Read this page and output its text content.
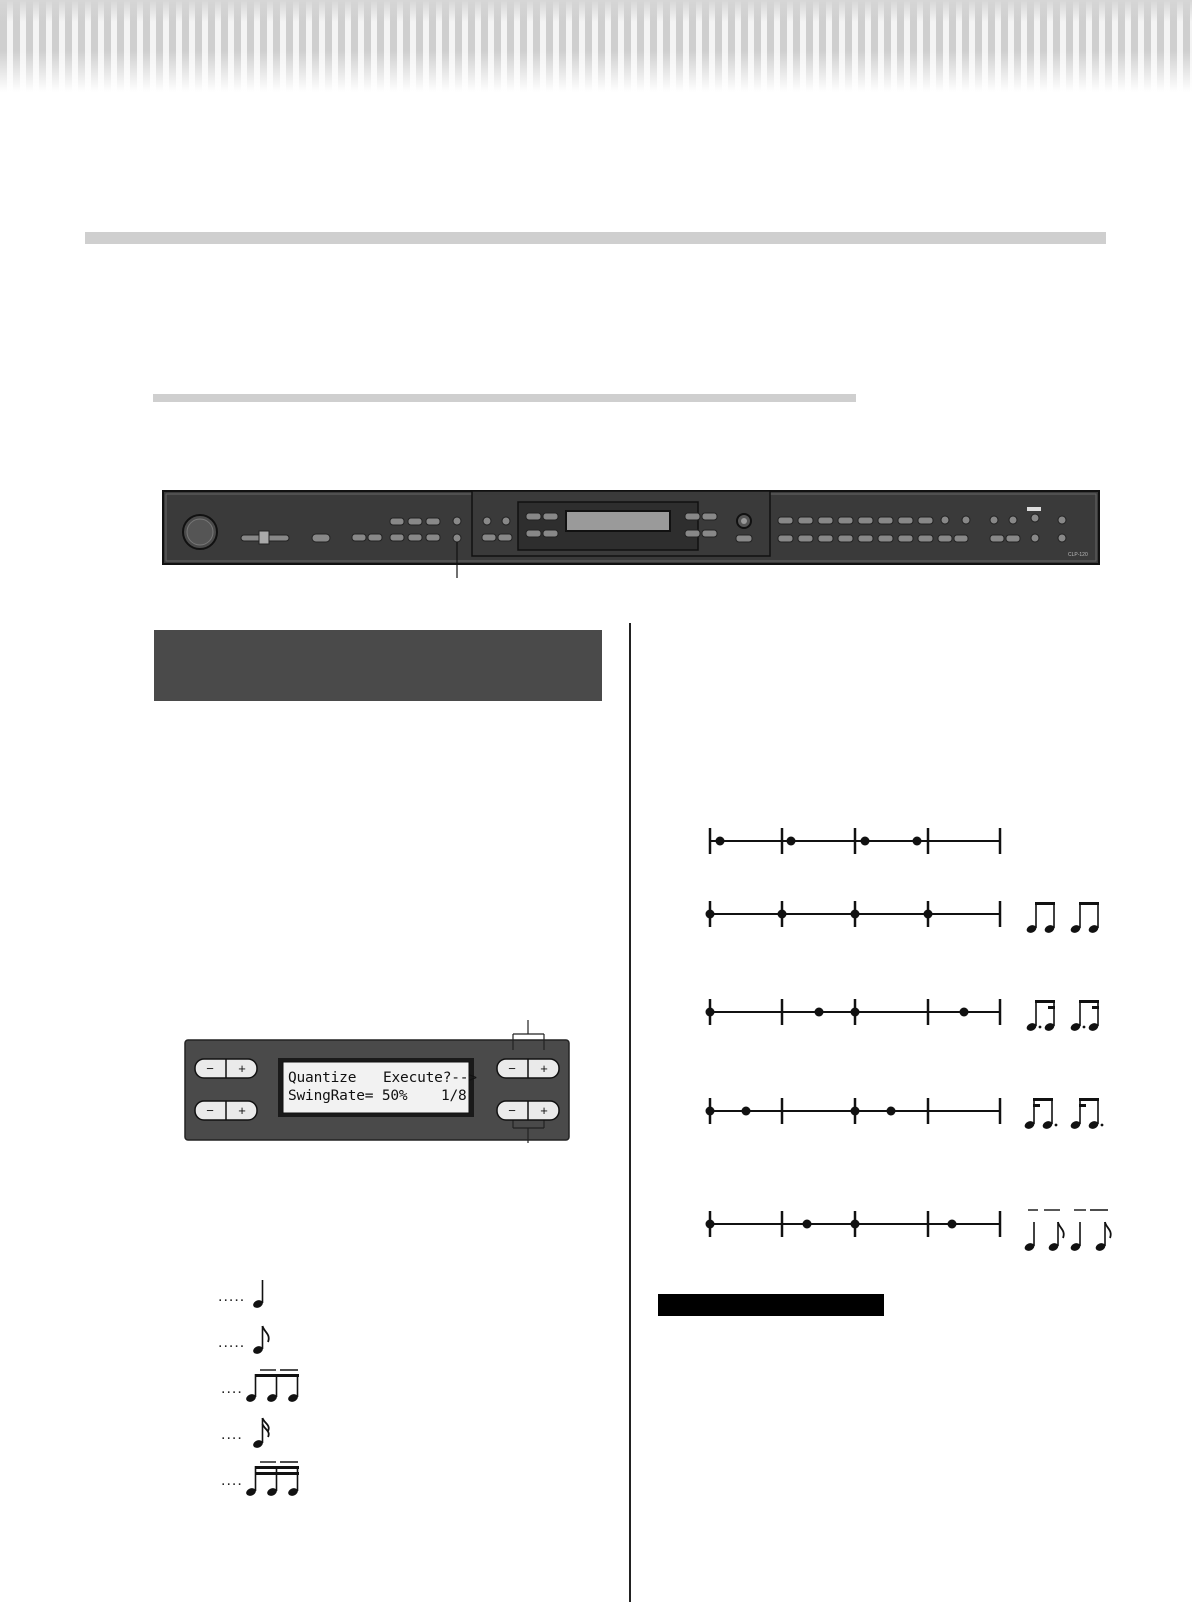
CLP-120
− +
− +
− +
− +
Quantize Execute?-->
SwingRate= 50% 1/8
.....
.....
....
....
....
